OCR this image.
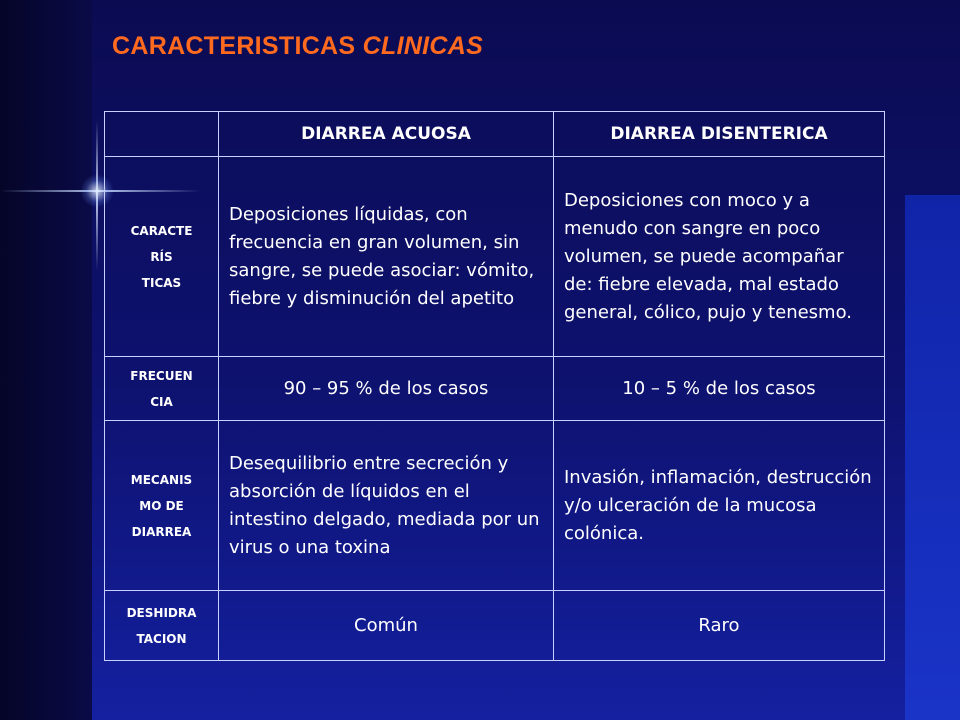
CARACTERISTICAS CLINICAS
	DIARREA ACUOSA	DIARREA DISENTERICA
CARACTE
RÍS
TICAS	Deposiciones líquidas, con frecuencia en gran volumen, sin sangre, se puede asociar: vómito, fiebre y disminución del apetito	Deposiciones con moco y a menudo con sangre en poco volumen, se puede acompañar de: fiebre elevada, mal estado general, cólico, pujo y tenesmo.
FRECUEN
CIA	90 – 95 % de los casos	10 – 5 % de los casos
MECANIS
MO DE
DIARREA	Desequilibrio entre secreción y absorción de líquidos en el intestino delgado, mediada por un virus o una toxina	Invasión, inflamación, destrucción y/o ulceración de la mucosa colónica.
DESHIDRA
TACION	Común	Raro
